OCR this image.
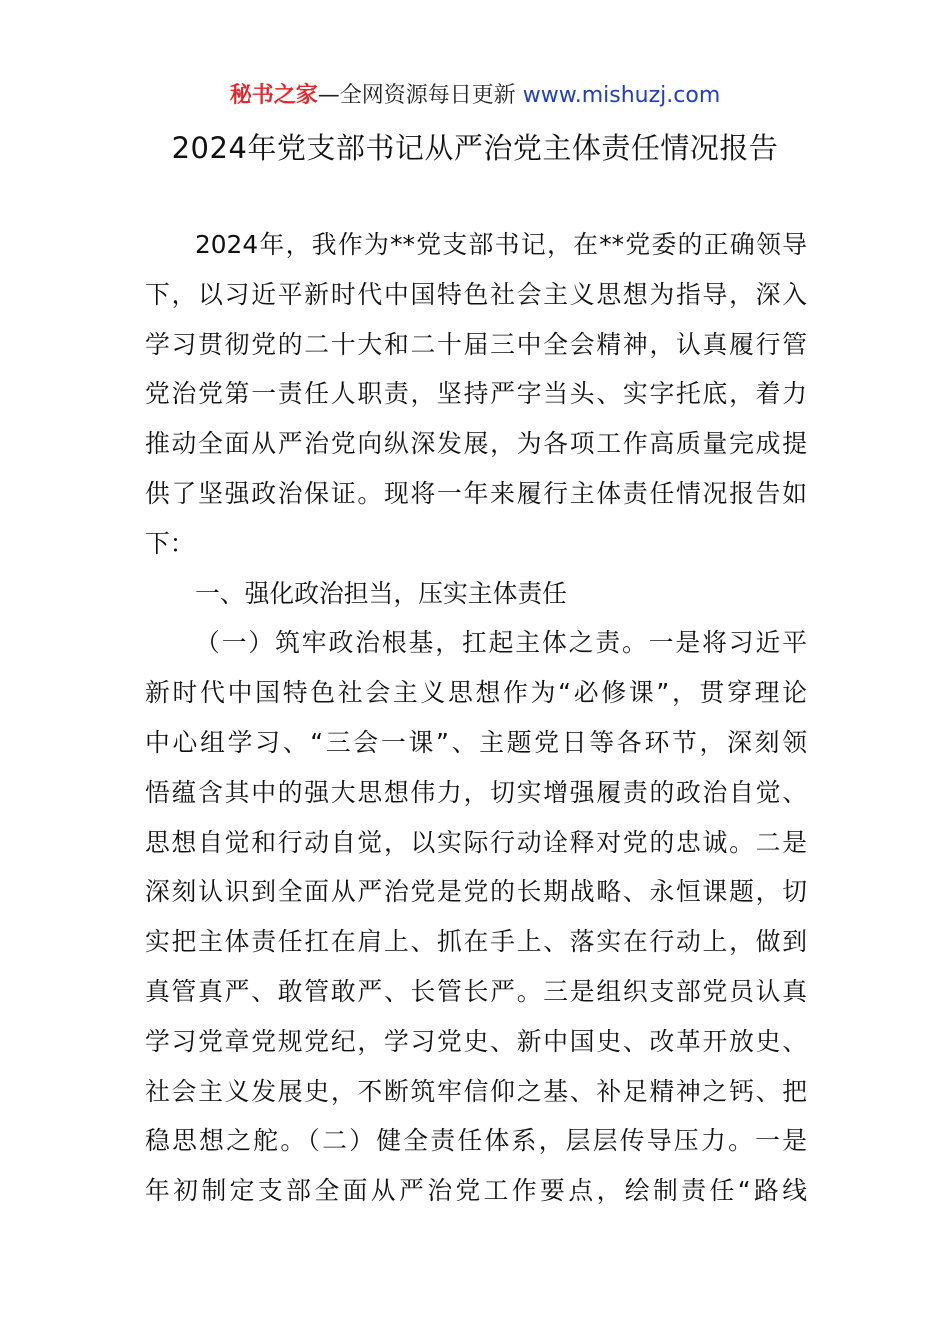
秘书之家—全网资源每日更新 www.mishuzj.com
2024年党支部书记从严治党主体责任情况报告
2024年，我作为**党支部书记，在**党委的正确领导
下，以习近平新时代中国特色社会主义思想为指导，深入
学习贯彻党的二十大和二十届三中全会精神，认真履行管
党治党第一责任人职责，坚持严字当头、实字托底，着力
推动全面从严治党向纵深发展，为各项工作高质量完成提
供了坚强政治保证。现将一年来履行主体责任情况报告如
下：
一、强化政治担当，压实主体责任
（一）筑牢政治根基，扛起主体之责。一是将习近平
新时代中国特色社会主义思想作为“必修课”，贯穿理论
中心组学习、“三会一课”、主题党日等各环节，深刻领
悟蕴含其中的强大思想伟力，切实增强履责的政治自觉、
思想自觉和行动自觉，以实际行动诠释对党的忠诚。二是
深刻认识到全面从严治党是党的长期战略、永恒课题，切
实把主体责任扛在肩上、抓在手上、落实在行动上，做到
真管真严、敢管敢严、长管长严。三是组织支部党员认真
学习党章党规党纪，学习党史、新中国史、改革开放史、
社会主义发展史，不断筑牢信仰之基、补足精神之钙、把
稳思想之舵。（二）健全责任体系，层层传导压力。一是
年初制定支部全面从严治党工作要点，绘制责任“路线
